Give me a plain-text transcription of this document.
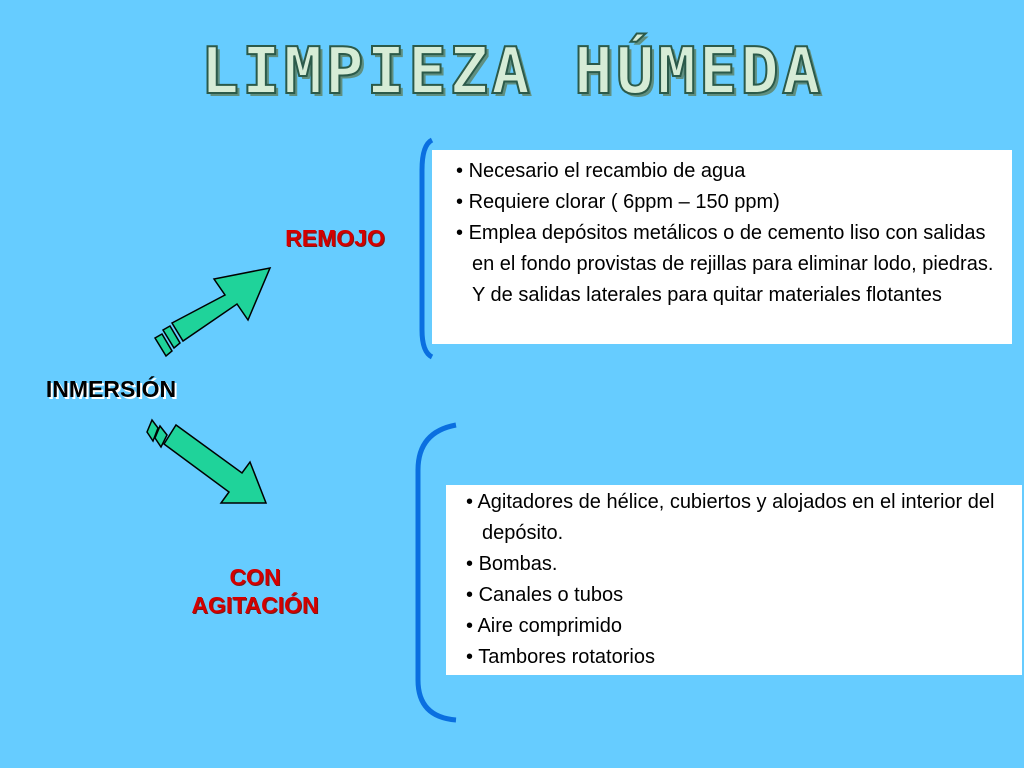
LIMPIEZA HÚMEDA
REMOJO
INMERSIÓN
CON
AGITACIÓN
• Necesario el recambio de agua
• Requiere clorar ( 6ppm – 150 ppm)
• Emplea depósitos metálicos o de cemento liso con salidas en el fondo provistas de rejillas para eliminar lodo, piedras. Y de salidas laterales para quitar materiales flotantes
• Agitadores de hélice, cubiertos y alojados en el interior del depósito.
• Bombas.
• Canales o tubos
• Aire comprimido
• Tambores rotatorios
